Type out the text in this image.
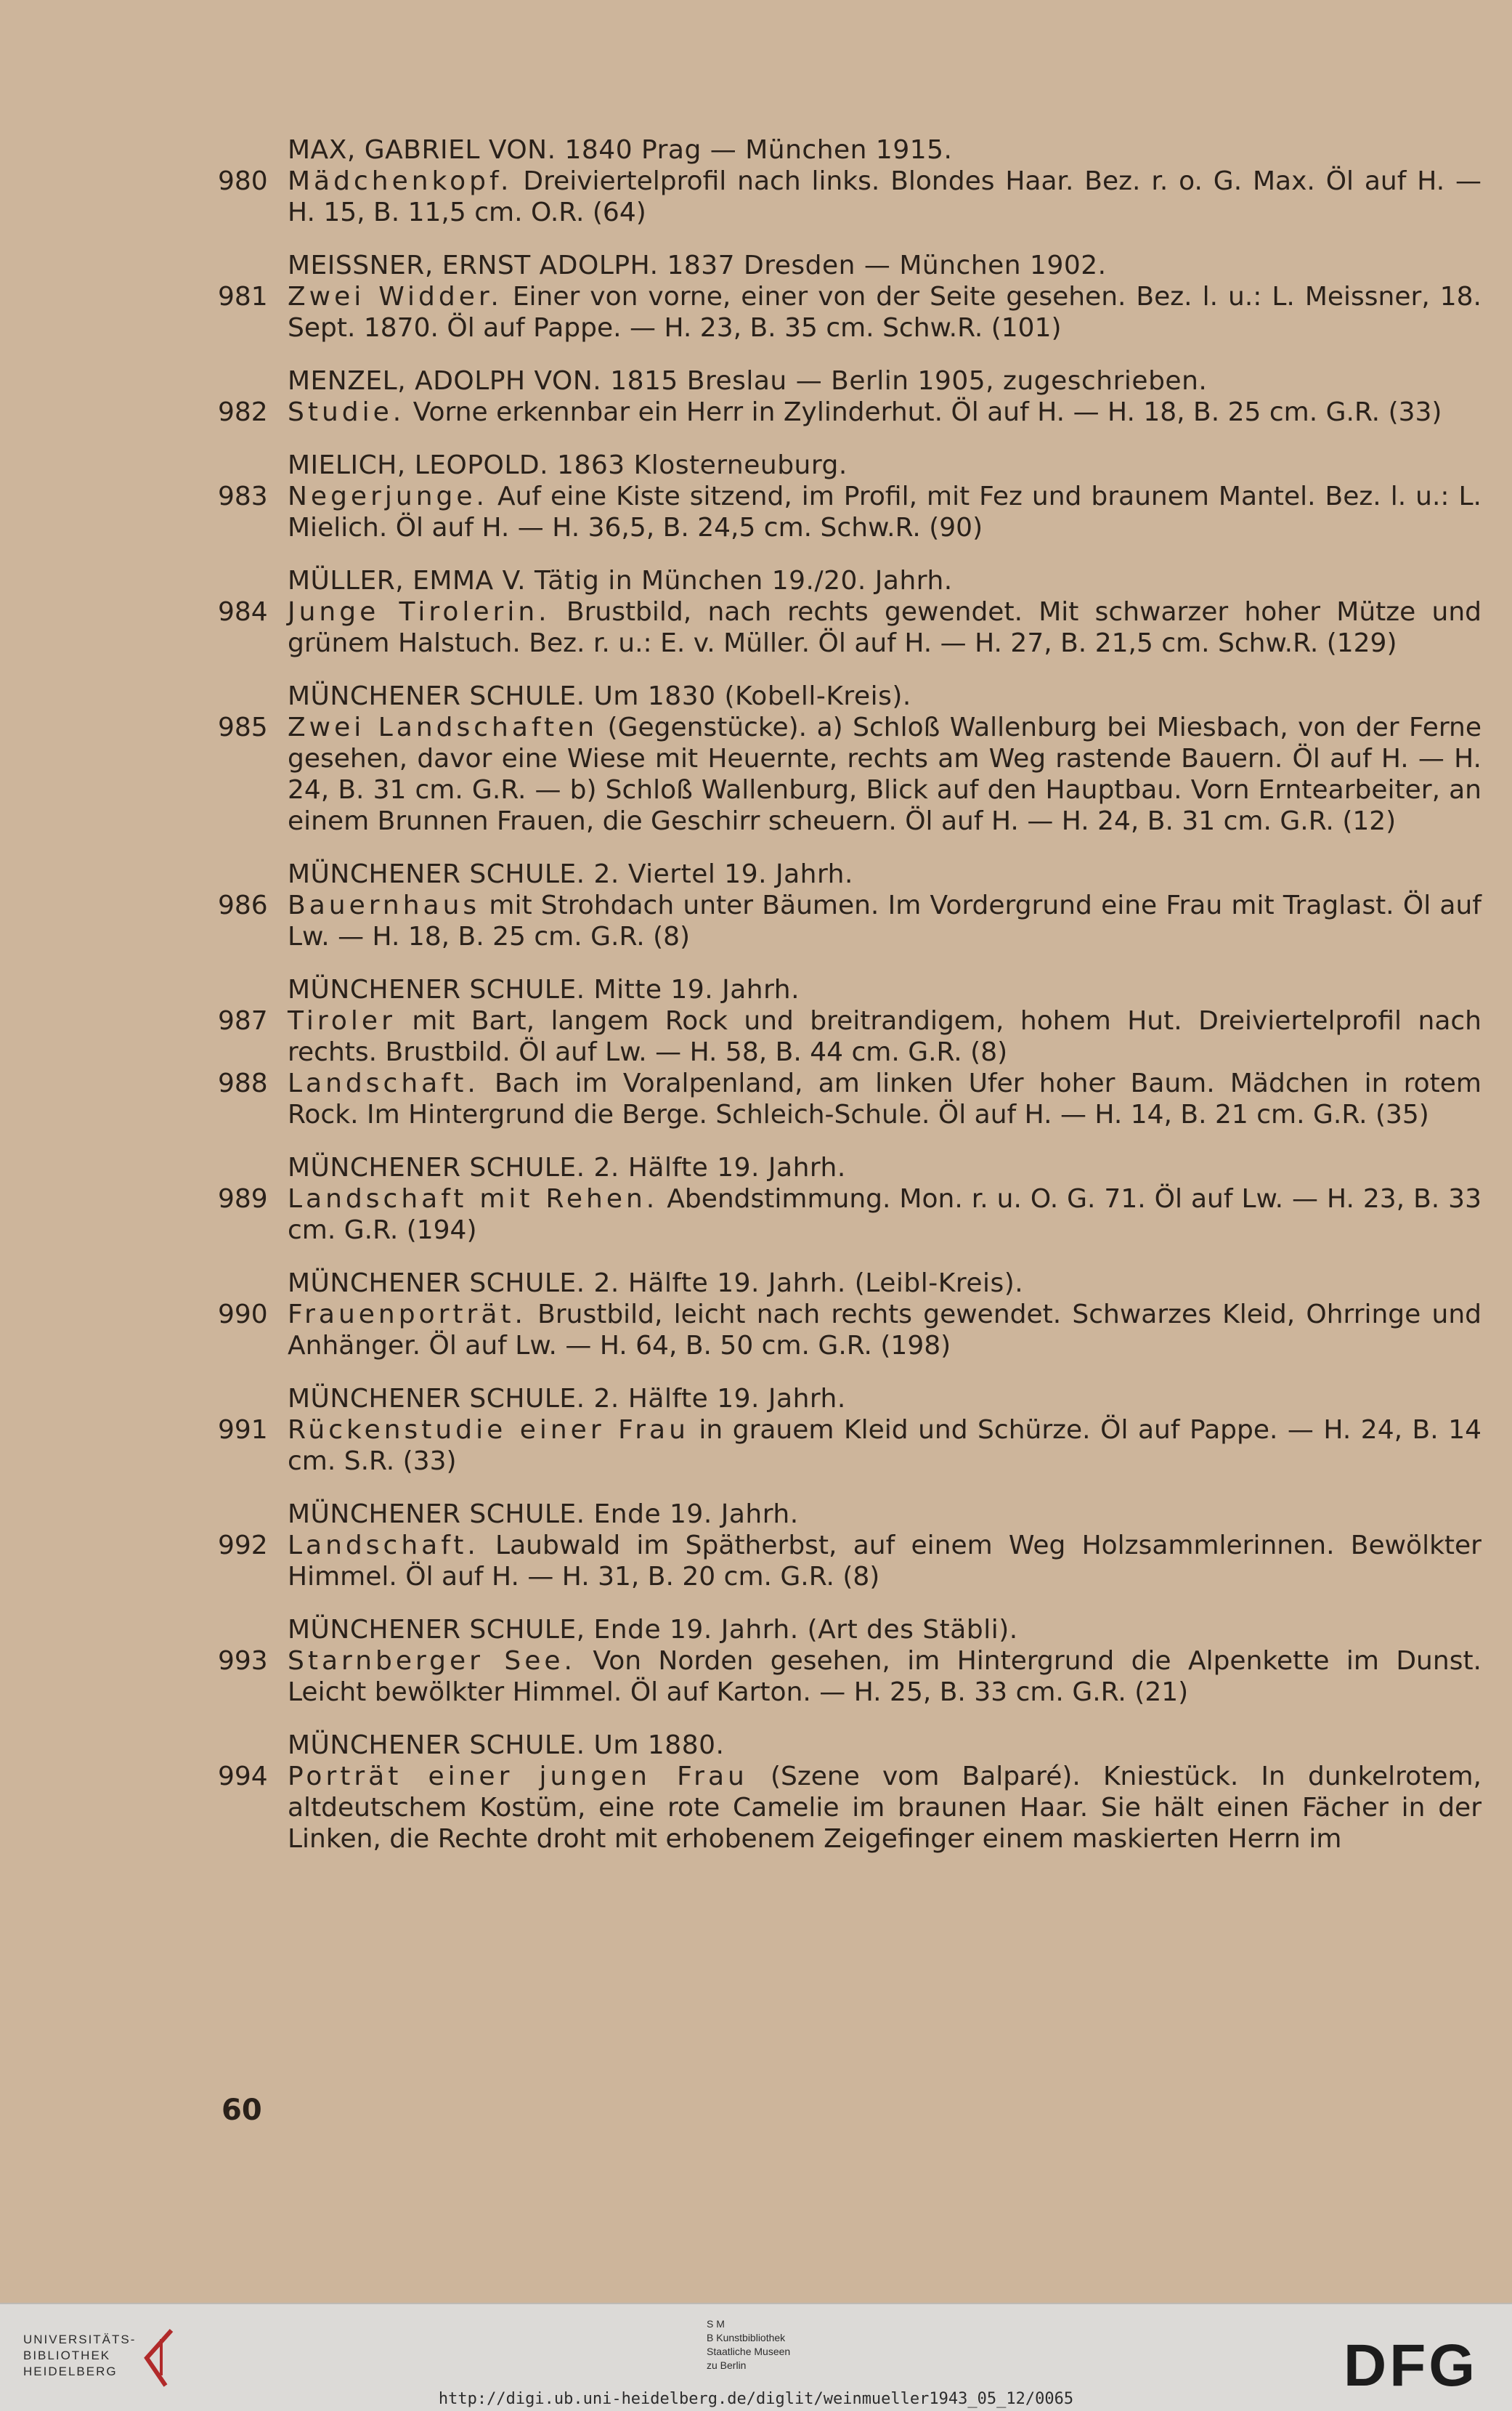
MAX, GABRIEL VON. 1840 Prag — München 1915.
980 Mädchenkopf. Dreiviertelprofil nach links. Blondes Haar. Bez. r. o. G. Max. Öl auf H. — H. 15, B. 11,5 cm. O.R. (64)
MEISSNER, ERNST ADOLPH. 1837 Dresden — München 1902.
981 Zwei Widder. Einer von vorne, einer von der Seite gesehen. Bez. l. u.: L. Meissner, 18. Sept. 1870. Öl auf Pappe. — H. 23, B. 35 cm. Schw.R. (101)
MENZEL, ADOLPH VON. 1815 Breslau — Berlin 1905, zugeschrieben.
982 Studie. Vorne erkennbar ein Herr in Zylinderhut. Öl auf H. — H. 18, B. 25 cm. G.R. (33)
MIELICH, LEOPOLD. 1863 Klosterneuburg.
983 Negerjunge. Auf eine Kiste sitzend, im Profil, mit Fez und braunem Mantel. Bez. l. u.: L. Mielich. Öl auf H. — H. 36,5, B. 24,5 cm. Schw.R. (90)
MÜLLER, EMMA V. Tätig in München 19./20. Jahrh.
984 Junge Tirolerin. Brustbild, nach rechts gewendet. Mit schwarzer hoher Mütze und grünem Halstuch. Bez. r. u.: E. v. Müller. Öl auf H. — H. 27, B. 21,5 cm. Schw.R. (129)
MÜNCHENER SCHULE. Um 1830 (Kobell-Kreis).
985 Zwei Landschaften (Gegenstücke). a) Schloß Wallenburg bei Miesbach, von der Ferne gesehen, davor eine Wiese mit Heuernte, rechts am Weg rastende Bauern. Öl auf H. — H. 24, B. 31 cm. G.R. — b) Schloß Wallenburg, Blick auf den Hauptbau. Vorn Erntearbeiter, an einem Brunnen Frauen, die Geschirr scheuern. Öl auf H. — H. 24, B. 31 cm. G.R. (12)
MÜNCHENER SCHULE. 2. Viertel 19. Jahrh.
986 Bauernhaus mit Strohdach unter Bäumen. Im Vordergrund eine Frau mit Traglast. Öl auf Lw. — H. 18, B. 25 cm. G.R. (8)
MÜNCHENER SCHULE. Mitte 19. Jahrh.
987 Tiroler mit Bart, langem Rock und breitrandigem, hohem Hut. Dreiviertelprofil nach rechts. Brustbild. Öl auf Lw. — H. 58, B. 44 cm. G.R. (8)
988 Landschaft. Bach im Voralpenland, am linken Ufer hoher Baum. Mädchen in rotem Rock. Im Hintergrund die Berge. Schleich-Schule. Öl auf H. — H. 14, B. 21 cm. G.R. (35)
MÜNCHENER SCHULE. 2. Hälfte 19. Jahrh.
989 Landschaft mit Rehen. Abendstimmung. Mon. r. u. O. G. 71. Öl auf Lw. — H. 23, B. 33 cm. G.R. (194)
MÜNCHENER SCHULE. 2. Hälfte 19. Jahrh. (Leibl-Kreis).
990 Frauenporträt. Brustbild, leicht nach rechts gewendet. Schwarzes Kleid, Ohrringe und Anhänger. Öl auf Lw. — H. 64, B. 50 cm. G.R. (198)
MÜNCHENER SCHULE. 2. Hälfte 19. Jahrh.
991 Rückenstudie einer Frau in grauem Kleid und Schürze. Öl auf Pappe. — H. 24, B. 14 cm. S.R. (33)
MÜNCHENER SCHULE. Ende 19. Jahrh.
992 Landschaft. Laubwald im Spätherbst, auf einem Weg Holzsammlerinnen. Bewölkter Himmel. Öl auf H. — H. 31, B. 20 cm. G.R. (8)
MÜNCHENER SCHULE, Ende 19. Jahrh. (Art des Stäbli).
993 Starnberger See. Von Norden gesehen, im Hintergrund die Alpenkette im Dunst. Leicht bewölkter Himmel. Öl auf Karton. — H. 25, B. 33 cm. G.R. (21)
MÜNCHENER SCHULE. Um 1880.
994 Porträt einer jungen Frau (Szene vom Balparé). Kniestück. In dunkelrotem, altdeutschem Kostüm, eine rote Camelie im braunen Haar. Sie hält einen Fächer in der Linken, die Rechte droht mit erhobenem Zeigefinger einem maskierten Herrn im
60
UNIVERSITÄTS-
BIBLIOTHEK
HEIDELBERG
S M
B Kunstbibliothek
Staatliche Museen
zu Berlin	DFG
http://digi.ub.uni-heidelberg.de/diglit/weinmueller1943_05_12/0065
